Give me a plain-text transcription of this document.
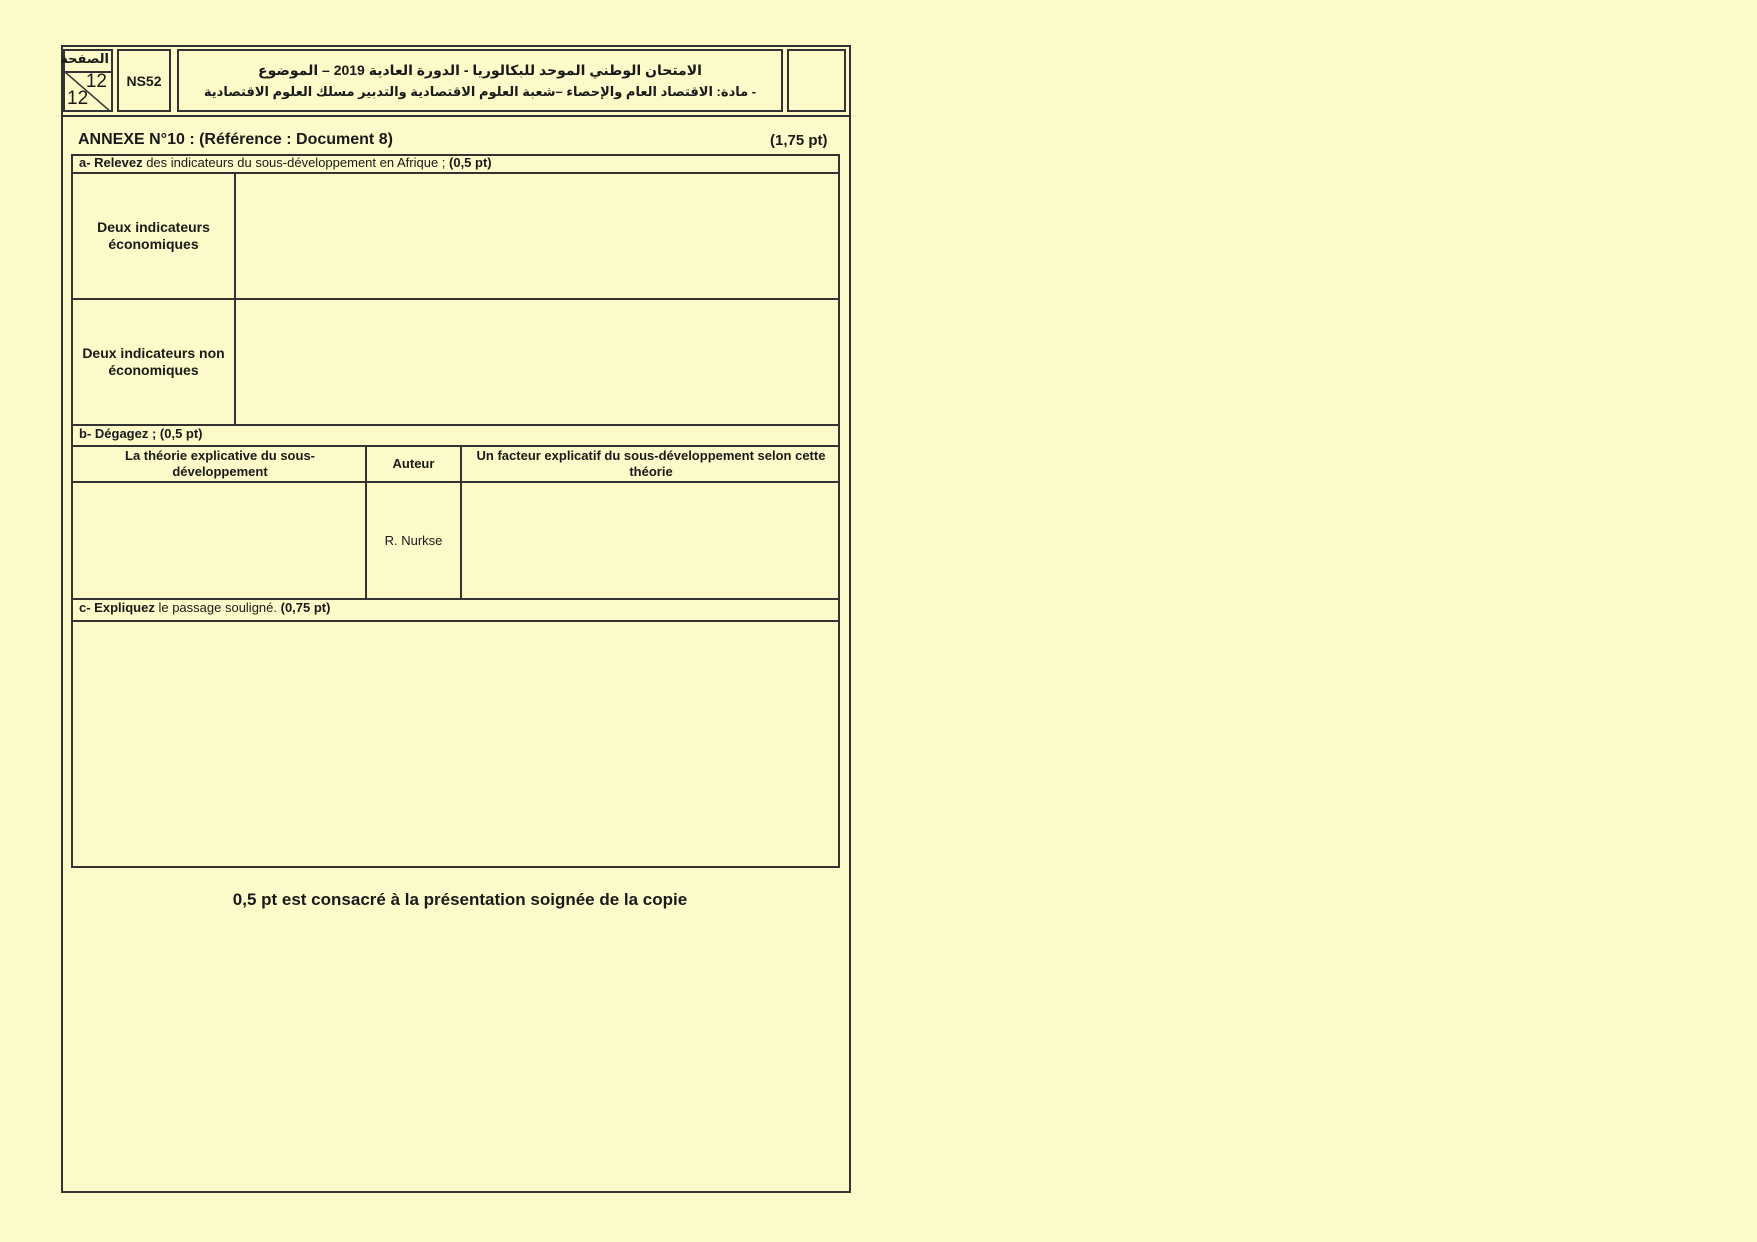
الصفحة
12
12
NS52
الامتحان الوطني الموحد للبكالوريا - الدورة العادية 2019 – الموضوع
- مادة: الاقتصاد العام والإحصاء –شعبة العلوم الاقتصادية والتدبير مسلك العلوم الاقتصادية
ANNEXE N°10 : (Référence : Document 8)	(1,75 pt)
a- Relevez des indicateurs du sous-développement en Afrique ; (0,5 pt)
Deux indicateurs économiques
Deux indicateurs non économiques
b- Dégagez ; (0,5 pt)
La théorie explicative du sous-développement	Auteur
Un facteur explicatif du sous-développement selon cette théorie
R. Nurkse
c- Expliquez le passage souligné. (0,75 pt)
0,5 pt est consacré à la présentation soignée de la copie
